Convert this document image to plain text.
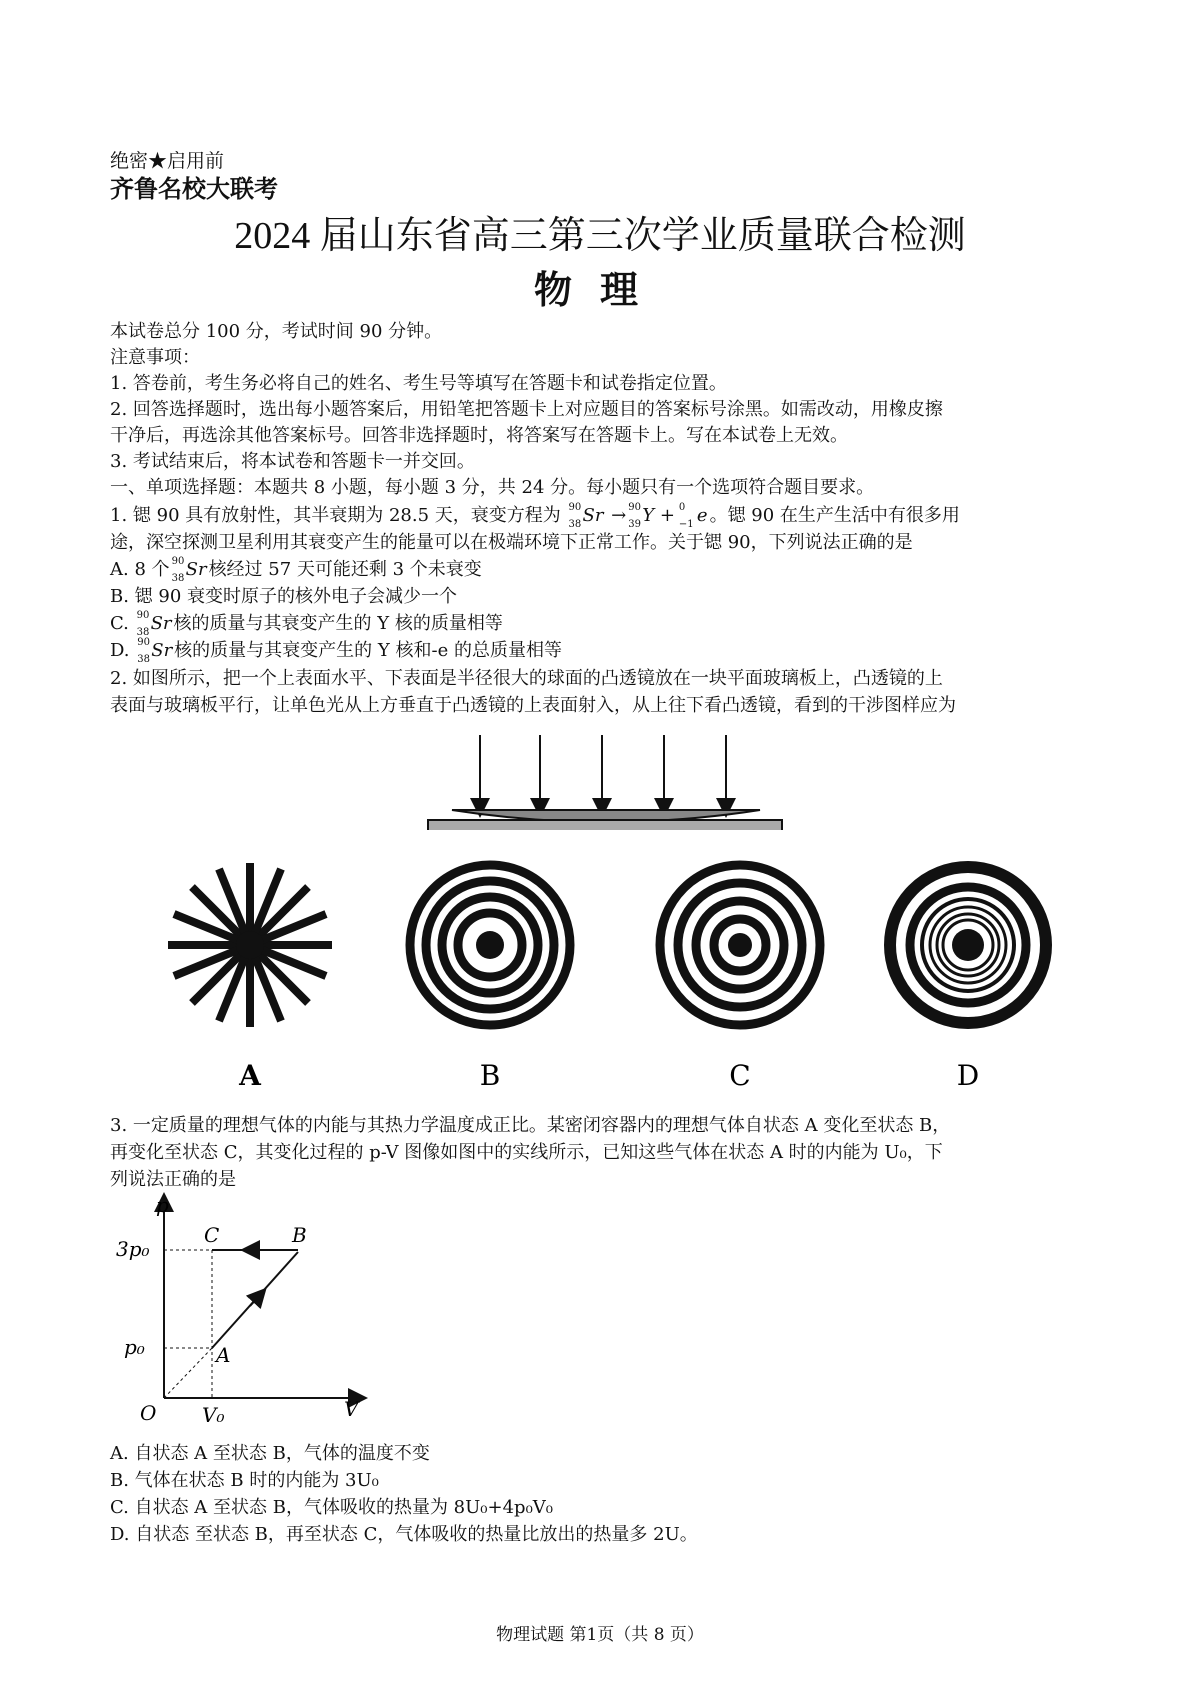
绝密★启用前
齐鲁名校大联考
2024 届山东省高三第三次学业质量联合检测
物理
本试卷总分 100 分，考试时间 90 分钟。
注意事项：
1. 答卷前，考生务必将自己的姓名、考生号等填写在答题卡和试卷指定位置。
2. 回答选择题时，选出每小题答案后，用铅笔把答题卡上对应题目的答案标号涂黑。如需改动，用橡皮擦
干净后，再选涂其他答案标号。回答非选择题时，将答案写在答题卡上。写在本试卷上无效。
3. 考试结束后，将本试卷和答题卡一并交回。
一、单项选择题：本题共 8 小题，每小题 3 分，共 24 分。每小题只有一个选项符合题目要求。
1. 锶 90 具有放射性，其半衰期为 28.5 天，衰变方程为 90
38 Sr → 90
39 Y + 0
−1 e 。锶 90 在生产生活中有很多用
途，深空探测卫星利用其衰变产生的能量可以在极端环境下正常工作。关于锶 90，下列说法正确的是
A. 8 个 90
38 Sr 核经过 57 天可能还剩 3 个未衰变
B. 锶 90 衰变时原子的核外电子会减少一个
C. 90
38 Sr 核的质量与其衰变产生的 Y 核的质量相等
D. 90
38 Sr 核的质量与其衰变产生的 Y 核和-e 的总质量相等
2. 如图所示，把一个上表面水平、下表面是半径很大的球面的凸透镜放在一块平面玻璃板上，凸透镜的上
表面与玻璃板平行，让单色光从上方垂直于凸透镜的上表面射入，从上往下看凸透镜，看到的干涉图样应为
A	B	C	D
3. 一定质量的理想气体的内能与其热力学温度成正比。某密闭容器内的理想气体自状态 A 变化至状态 B，
再变化至状态 C，其变化过程的 p-V 图像如图中的实线所示，已知这些气体在状态 A 时的内能为 U₀，下
列说法正确的是
p
V
O
3p₀
p₀
V₀
A
B
C
A. 自状态 A 至状态 B，气体的温度不变
B. 气体在状态 B 时的内能为 3U₀
C. 自状态 A 至状态 B，气体吸收的热量为 8U₀+4p₀V₀
D. 自状态 至状态 B，再至状态 C，气体吸收的热量比放出的热量多 2U。
物理试题 第1页（共 8 页）
